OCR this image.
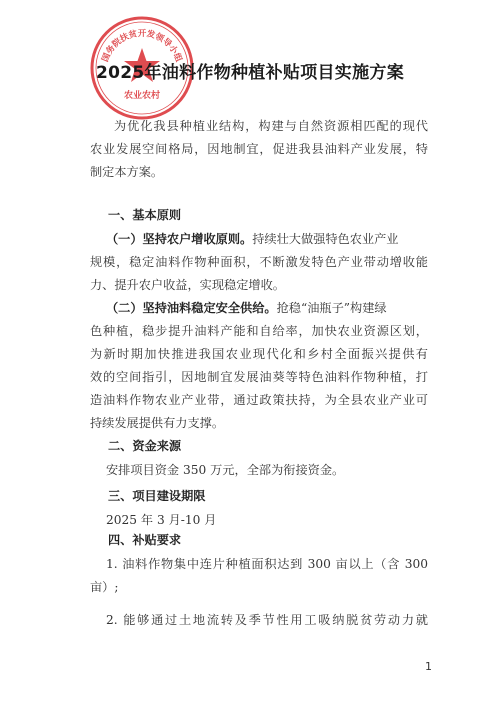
国务院扶贫开发领导小组
农业农村
2025年油料作物种植补贴项目实施方案
为优化我县种植业结构，构建与自然资源相匹配的现代
农业发展空间格局，因地制宜，促进我县油料产业发展，特
制定本方案。
一、基本原则
（一）坚持农户增收原则。持续壮大做强特色农业产业
规模，稳定油料作物种面积，不断激发特色产业带动增收能
力、提升农户收益，实现稳定增收。
（二）坚持油料稳定安全供给。抢稳“油瓶子”构建绿
色种植，稳步提升油料产能和自给率，加快农业资源区划，
为新时期加快推进我国农业现代化和乡村全面振兴提供有
效的空间指引，因地制宜发展油葵等特色油料作物种植，打
造油料作物农业产业带，通过政策扶持，为全县农业产业可
持续发展提供有力支撑。
二、资金来源
安排项目资金 350 万元，全部为衔接资金。
三、项目建设期限
2025 年 3 月-10 月
四、补贴要求
1. 油料作物集中连片种植面积达到 300 亩以上（含 300
亩）;
2. 能够通过土地流转及季节性用工吸纳脱贫劳动力就
1
